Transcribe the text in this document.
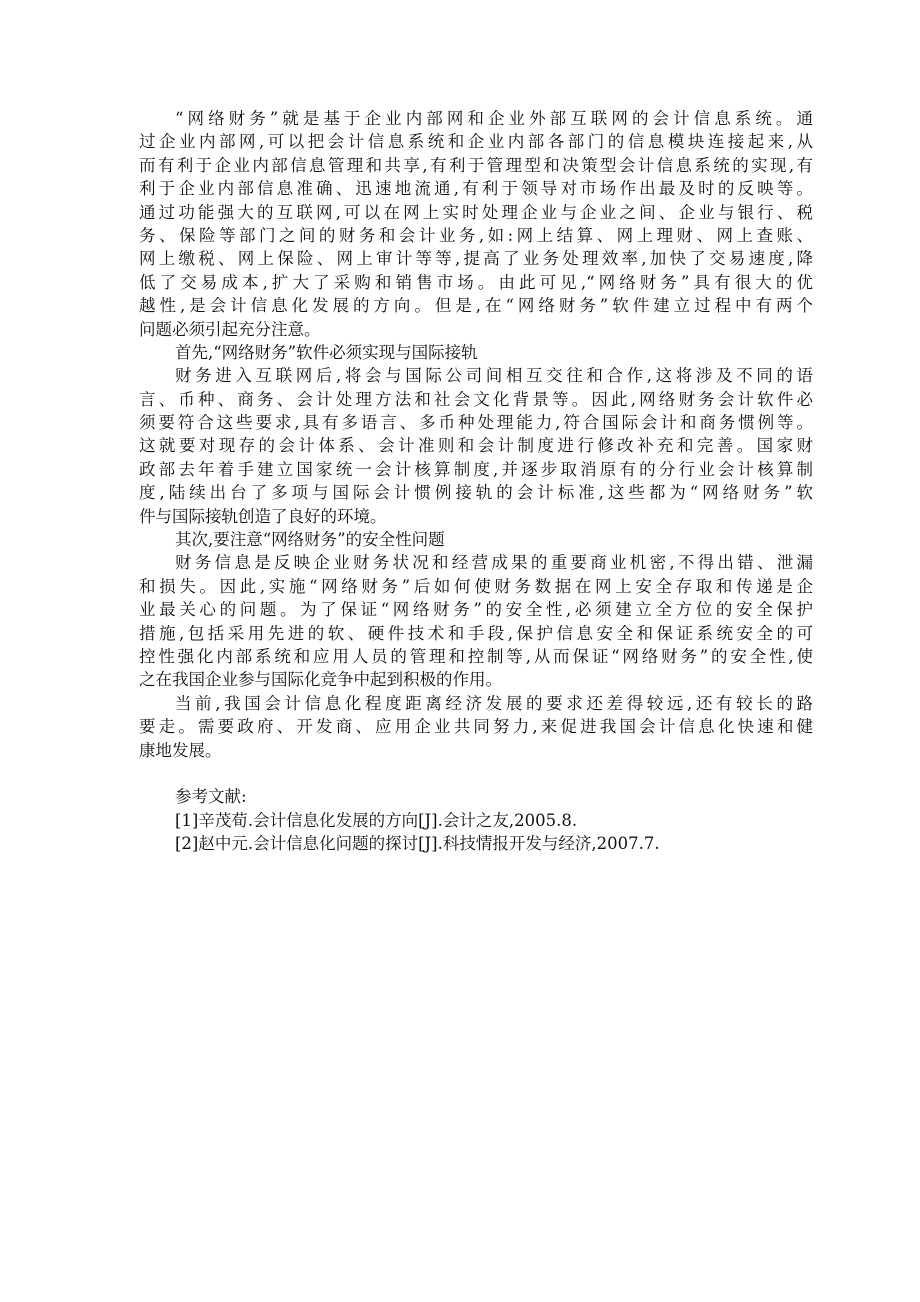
“网络财务”就是基于企业内部网和企业外部互联网的会计信息系统。通
过企业内部网,可以把会计信息系统和企业内部各部门的信息模块连接起来,从
而有利于企业内部信息管理和共享,有利于管理型和决策型会计信息系统的实现,有
利于企业内部信息准确、迅速地流通,有利于领导对市场作出最及时的反映等。
通过功能强大的互联网,可以在网上实时处理企业与企业之间、企业与银行、税
务、保险等部门之间的财务和会计业务,如:网上结算、网上理财、网上查账、
网上缴税、网上保险、网上审计等等,提高了业务处理效率,加快了交易速度,降
低了交易成本,扩大了采购和销售市场。由此可见,“网络财务”具有很大的优
越性,是会计信息化发展的方向。但是,在“网络财务”软件建立过程中有两个
问题必须引起充分注意。
首先,“网络财务”软件必须实现与国际接轨
财务进入互联网后,将会与国际公司间相互交往和合作,这将涉及不同的语
言、币种、商务、会计处理方法和社会文化背景等。因此,网络财务会计软件必
须要符合这些要求,具有多语言、多币种处理能力,符合国际会计和商务惯例等。
这就要对现存的会计体系、会计准则和会计制度进行修改补充和完善。国家财
政部去年着手建立国家统一会计核算制度,并逐步取消原有的分行业会计核算制
度,陆续出台了多项与国际会计惯例接轨的会计标准,这些都为“网络财务”软
件与国际接轨创造了良好的环境。
其次,要注意“网络财务”的安全性问题
财务信息是反映企业财务状况和经营成果的重要商业机密,不得出错、泄漏
和损失。因此,实施“网络财务”后如何使财务数据在网上安全存取和传递是企
业最关心的问题。为了保证“网络财务”的安全性,必须建立全方位的安全保护
措施,包括采用先进的软、硬件技术和手段,保护信息安全和保证系统安全的可
控性强化内部系统和应用人员的管理和控制等,从而保证“网络财务”的安全性,使
之在我国企业参与国际化竞争中起到积极的作用。
当前,我国会计信息化程度距离经济发展的要求还差得较远,还有较长的路
要走。需要政府、开发商、应用企业共同努力,来促进我国会计信息化快速和健
康地发展。
参考文献:
[1]辛茂荀.会计信息化发展的方向[J].会计之友,2005.8.
[2]赵中元.会计信息化问题的探讨[J].科技情报开发与经济,2007.7.
